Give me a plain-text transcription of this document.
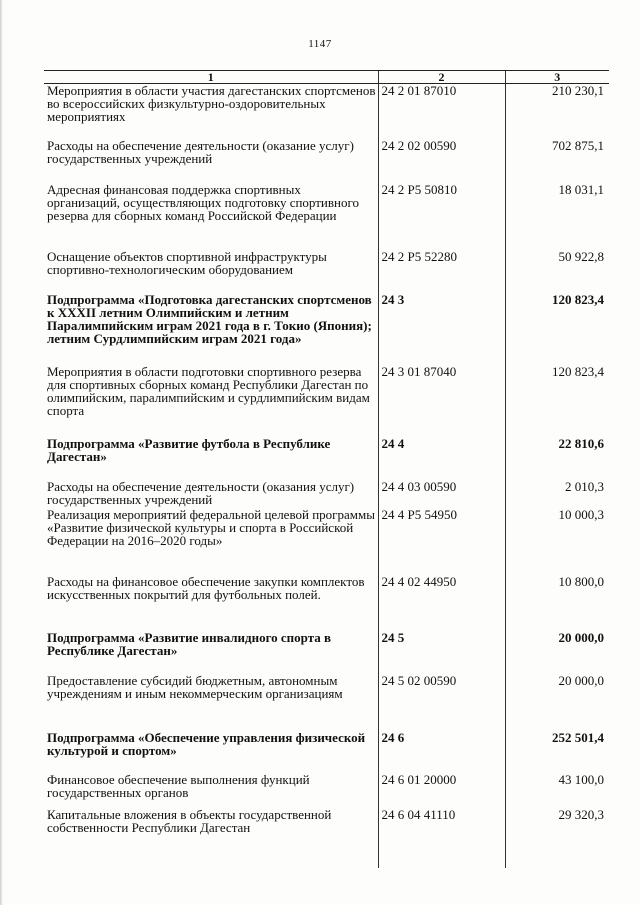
1147
1	2	3
Мероприятия в области участия дагестанских спортсменов во всероссийских физкультурно-оздоровительных мероприятиях	24 2 01 87010	210 230,1
Расходы на обеспечение деятельности (оказание услуг) государственных учреждений	24 2 02 00590	702 875,1
Адресная финансовая поддержка спортивных организаций, осуществляющих подготовку спортивного резерва для сборных команд Российской Федерации	24 2 P5 50810	18 031,1
Оснащение объектов спортивной инфраструктуры спортивно-технологическим оборудованием	24 2 P5 52280	50 922,8
Подпрограмма «Подготовка дагестанских спортсменов к XXXII летним Олимпийским и летним Паралимпийским играм 2021 года в г. Токио (Япония); летним Сурдлимпийским играм 2021 года»	24 3	120 823,4
Мероприятия в области подготовки спортивного резерва для спортивных сборных команд Республики Дагестан по олимпийским, паралимпийским и сурдлимпийским видам спорта	24 3 01 87040	120 823,4
Подпрограмма «Развитие футбола в Республике Дагестан»	24 4	22 810,6
Расходы на обеспечение деятельности (оказания услуг) государственных учреждений	24 4 03 00590	2 010,3
Реализация мероприятий федеральной целевой программы «Развитие физической культуры и спорта в Российской Федерации на 2016–2020 годы»	24 4 P5 54950	10 000,3
Расходы на финансовое обеспечение закупки комплектов искусственных покрытий для футбольных полей.	24 4 02 44950	10 800,0
Подпрограмма «Развитие инвалидного спорта в Республике Дагестан»	24 5	20 000,0
Предоставление субсидий бюджетным, автономным учреждениям и иным некоммерческим организациям	24 5 02 00590	20 000,0
Подпрограмма «Обеспечение управления физической культурой и спортом»	24 6	252 501,4
Финансовое обеспечение выполнения функций государственных органов	24 6 01 20000	43 100,0
Капитальные вложения в объекты государственной собственности Республики Дагестан	24 6 04 41110	29 320,3
